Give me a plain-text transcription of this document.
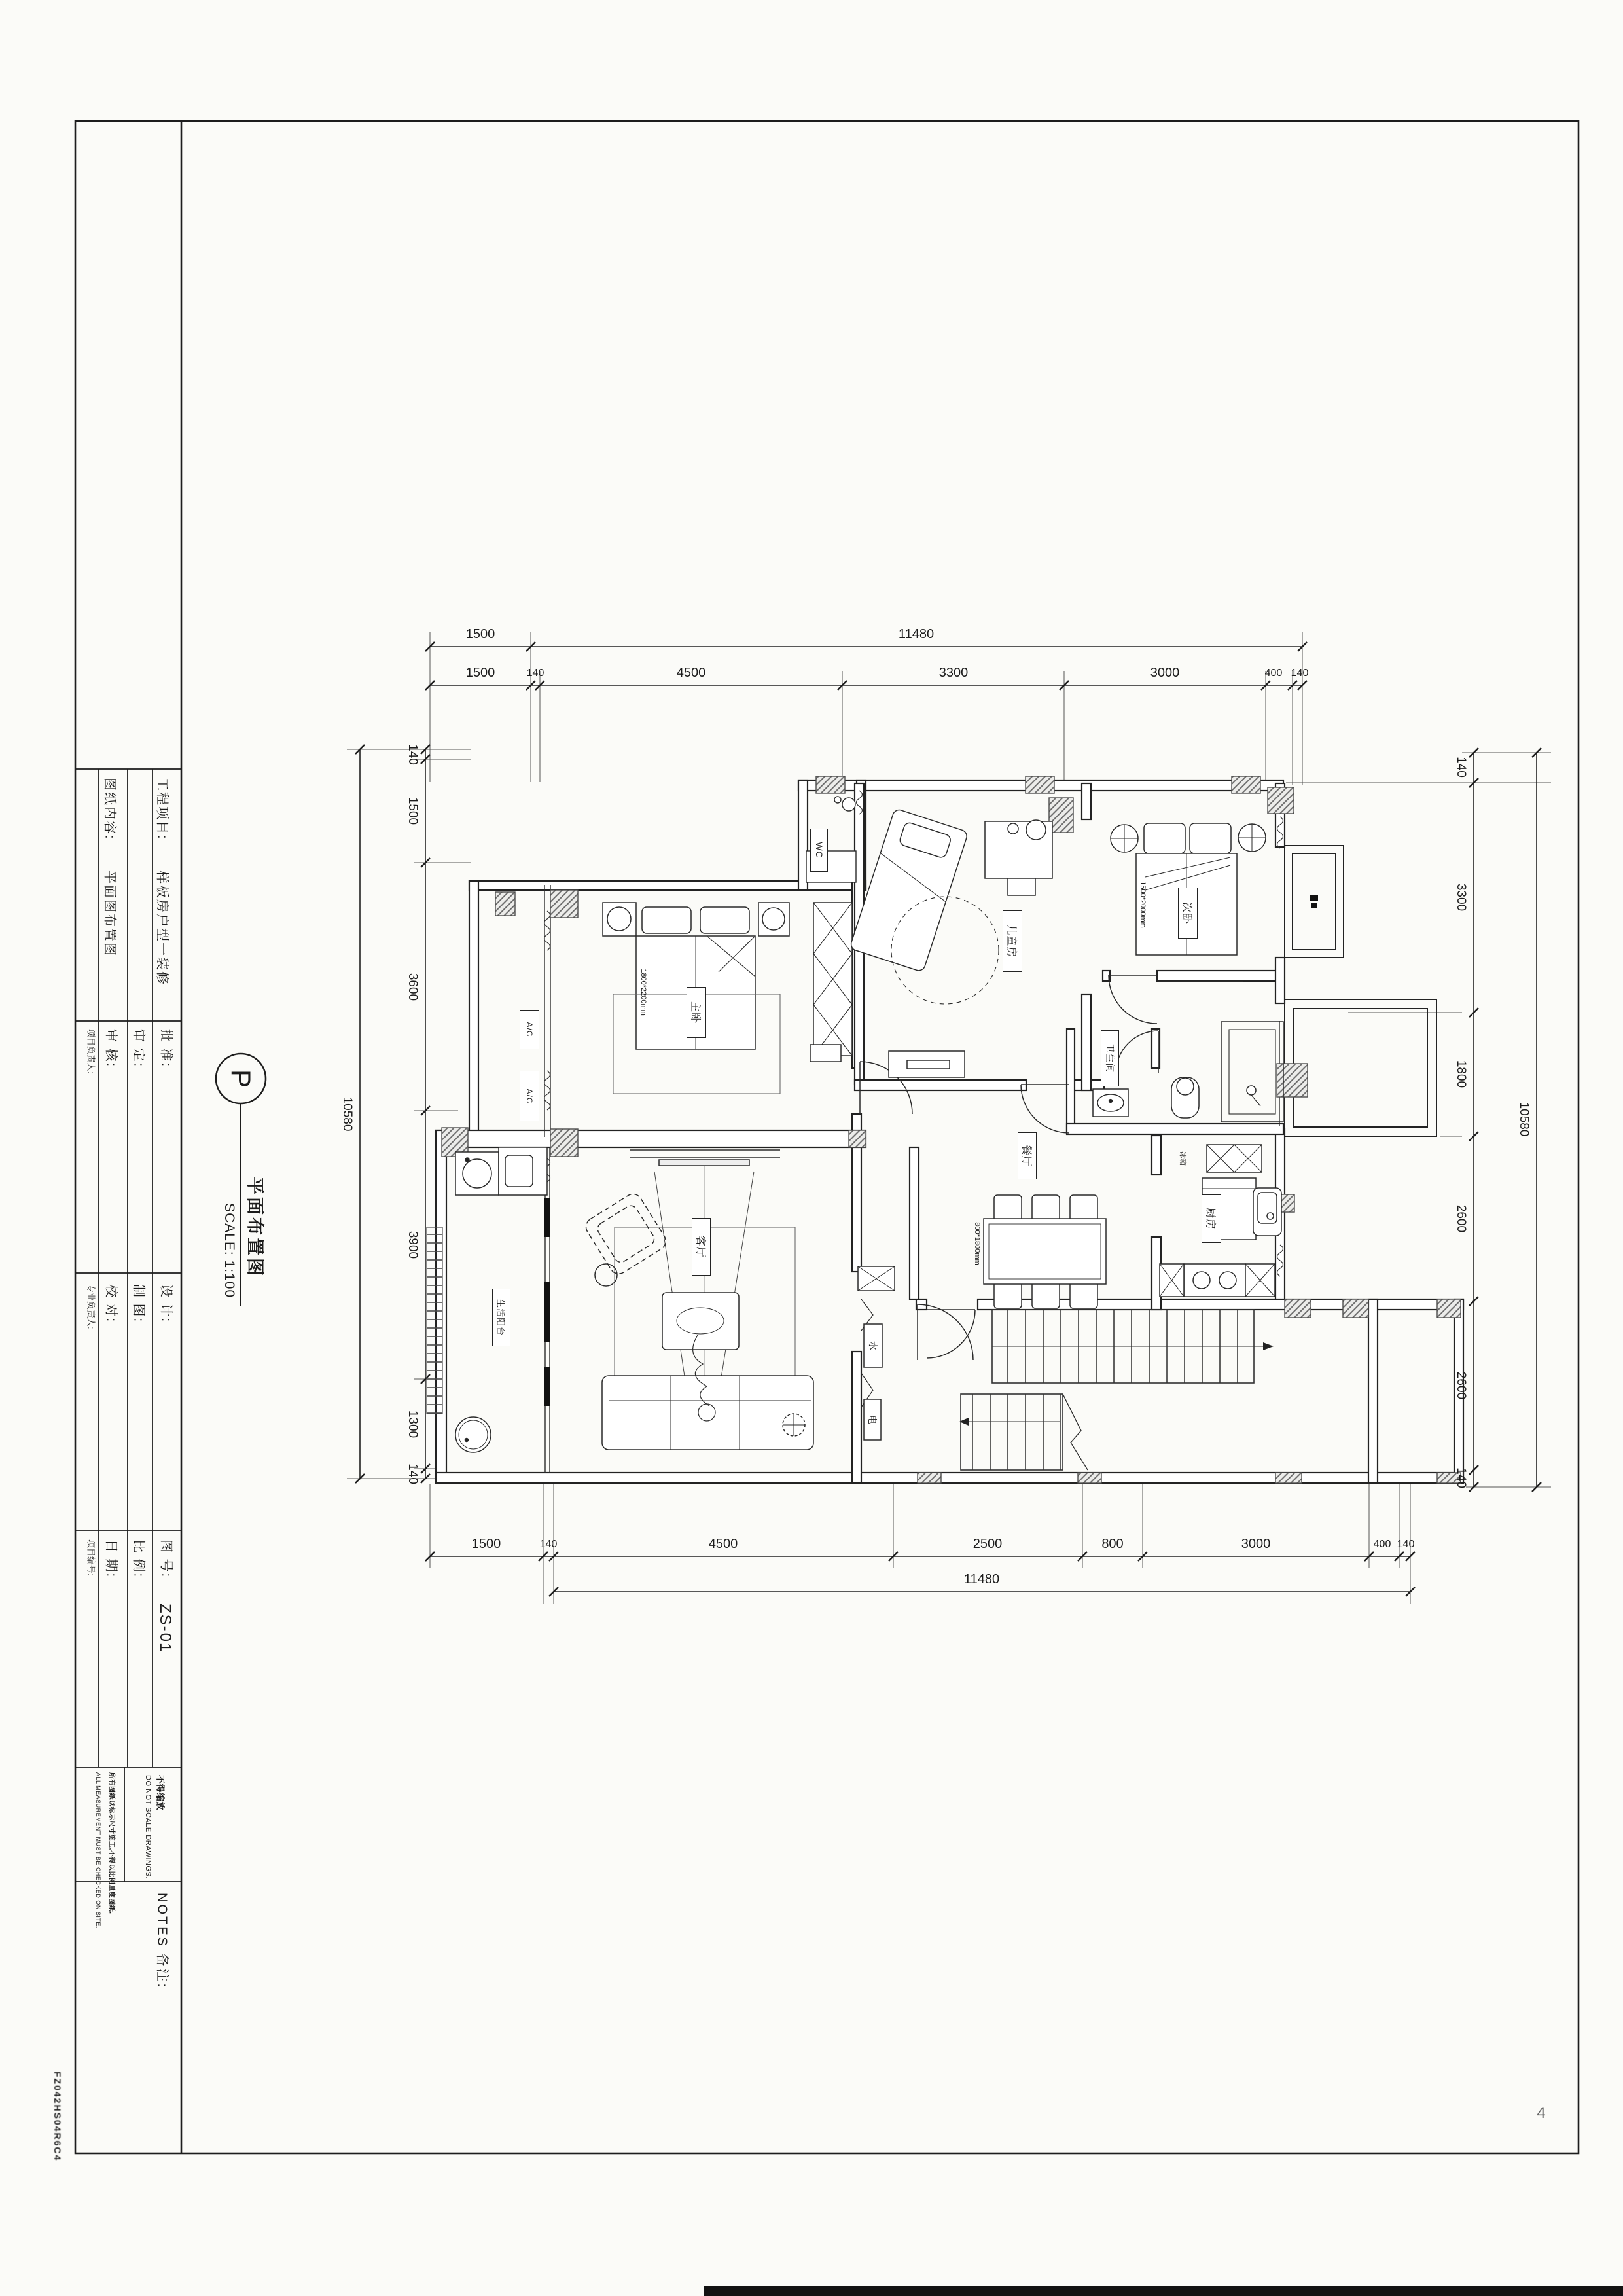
工程项目:
样板房户型一装修
图纸内容:
平面图布置图
项目负责人:
专业负责人:
项目编号:
批 准:
审 定:
审 核:
设 计:
制 图:
校 对:
图 号:
ZS-01
比 例:
日 期:
不得缩放
DO NOT SCALE DRAWINGS.
所有图纸以标示尺寸施工,不得以比例量度图纸.
ALL MEASUREMENT MUST BE CHECKED ON SITE.
NOTES 备注:
P
平面布置图
SCALE: 1:100
1500	11480
1500	140	4500	3300	3000	400 140
1500	140	4500	2500	800	3000	400 140
11480
140
1500
3600
3900
1300
140
10580
140
3300
1800
2600
2600
140
10580
主卧
儿童房
次卧
卫生间
厨房
餐厅
客厅
生活阳台
WC
A/C
A/C
冰箱
水
电
1800*2200mm
1500*2000mm
800*1800mm
FZ042HS04R6C4	4
